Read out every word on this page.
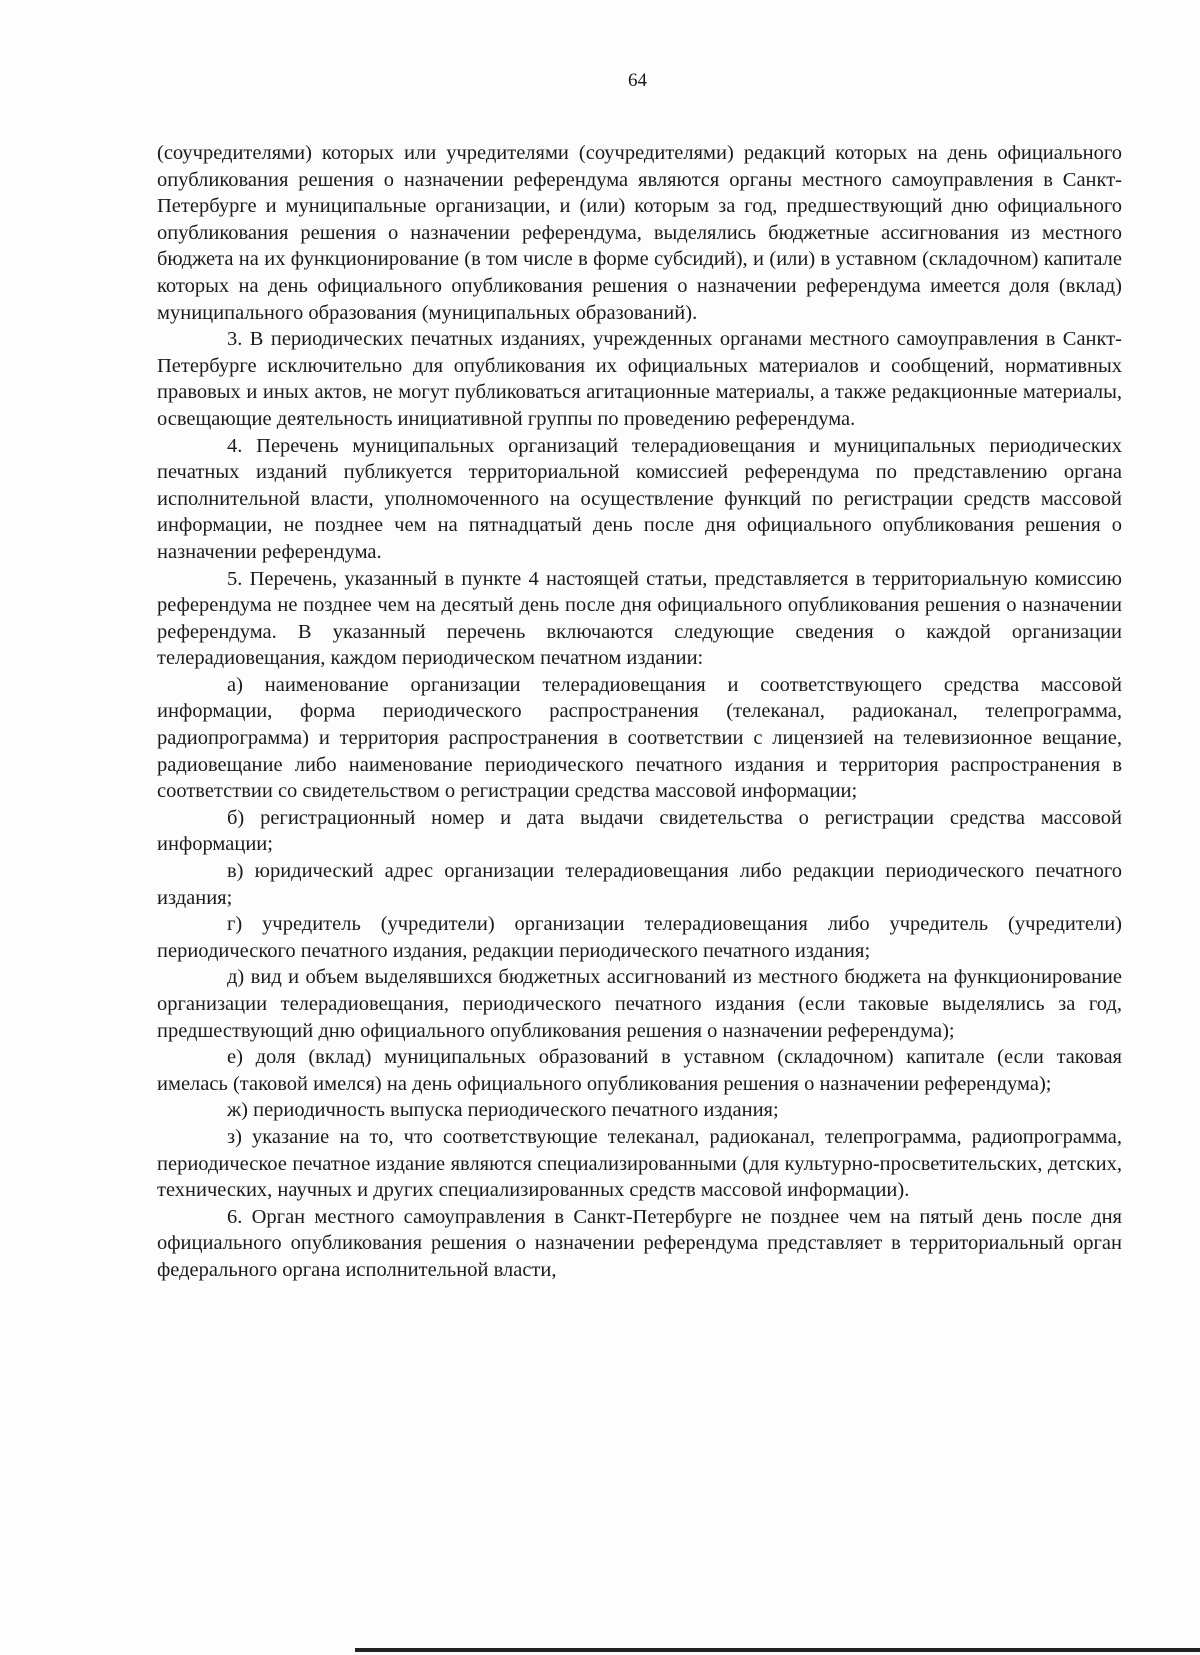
64

(соучредителями) которых или учредителями (соучредителями) редакций которых на день официального опубликования решения о назначении референдума являются органы местного самоуправления в Санкт-Петербурге и муниципальные организации, и (или) которым за год, предшествующий дню официального опубликования решения о назначении референдума, выделялись бюджетные ассигнования из местного бюджета на их функционирование (в том числе в форме субсидий), и (или) в уставном (складочном) капитале которых на день официального опубликования решения о назначении референдума имеется доля (вклад) муниципального образования (муниципальных образований).

3. В периодических печатных изданиях, учрежденных органами местного самоуправления в Санкт-Петербурге исключительно для опубликования их официальных материалов и сообщений, нормативных правовых и иных актов, не могут публиковаться агитационные материалы, а также редакционные материалы, освещающие деятельность инициативной группы по проведению референдума.

4. Перечень муниципальных организаций телерадиовещания и муниципальных периодических печатных изданий публикуется территориальной комиссией референдума по представлению органа исполнительной власти, уполномоченного на осуществление функций по регистрации средств массовой информации, не позднее чем на пятнадцатый день после дня официального опубликования решения о назначении референдума.

5. Перечень, указанный в пункте 4 настоящей статьи, представляется в территориальную комиссию референдума не позднее чем на десятый день после дня официального опубликования решения о назначении референдума. В указанный перечень включаются следующие сведения о каждой организации телерадиовещания, каждом периодическом печатном издании:

а) наименование организации телерадиовещания и соответствующего средства массовой информации, форма периодического распространения (телеканал, радиоканал, телепрограмма, радиопрограмма) и территория распространения в соответствии с лицензией на телевизионное вещание, радиовещание либо наименование периодического печатного издания и территория распространения в соответствии со свидетельством о регистрации средства массовой информации;

б) регистрационный номер и дата выдачи свидетельства о регистрации средства массовой информации;

в) юридический адрес организации телерадиовещания либо редакции периодического печатного издания;

г) учредитель (учредители) организации телерадиовещания либо учредитель (учредители) периодического печатного издания, редакции периодического печатного издания;

д) вид и объем выделявшихся бюджетных ассигнований из местного бюджета на функционирование организации телерадиовещания, периодического печатного издания (если таковые выделялись за год, предшествующий дню официального опубликования решения о назначении референдума);

е) доля (вклад) муниципальных образований в уставном (складочном) капитале (если таковая имелась (таковой имелся) на день официального опубликования решения о назначении референдума);

ж) периодичность выпуска периодического печатного издания;

з) указание на то, что соответствующие телеканал, радиоканал, телепрограмма, радиопрограмма, периодическое печатное издание являются специализированными (для культурно-просветительских, детских, технических, научных и других специализированных средств массовой информации).

6. Орган местного самоуправления в Санкт-Петербурге не позднее чем на пятый день после дня официального опубликования решения о назначении референдума представляет в территориальный орган федерального органа исполнительной власти,
